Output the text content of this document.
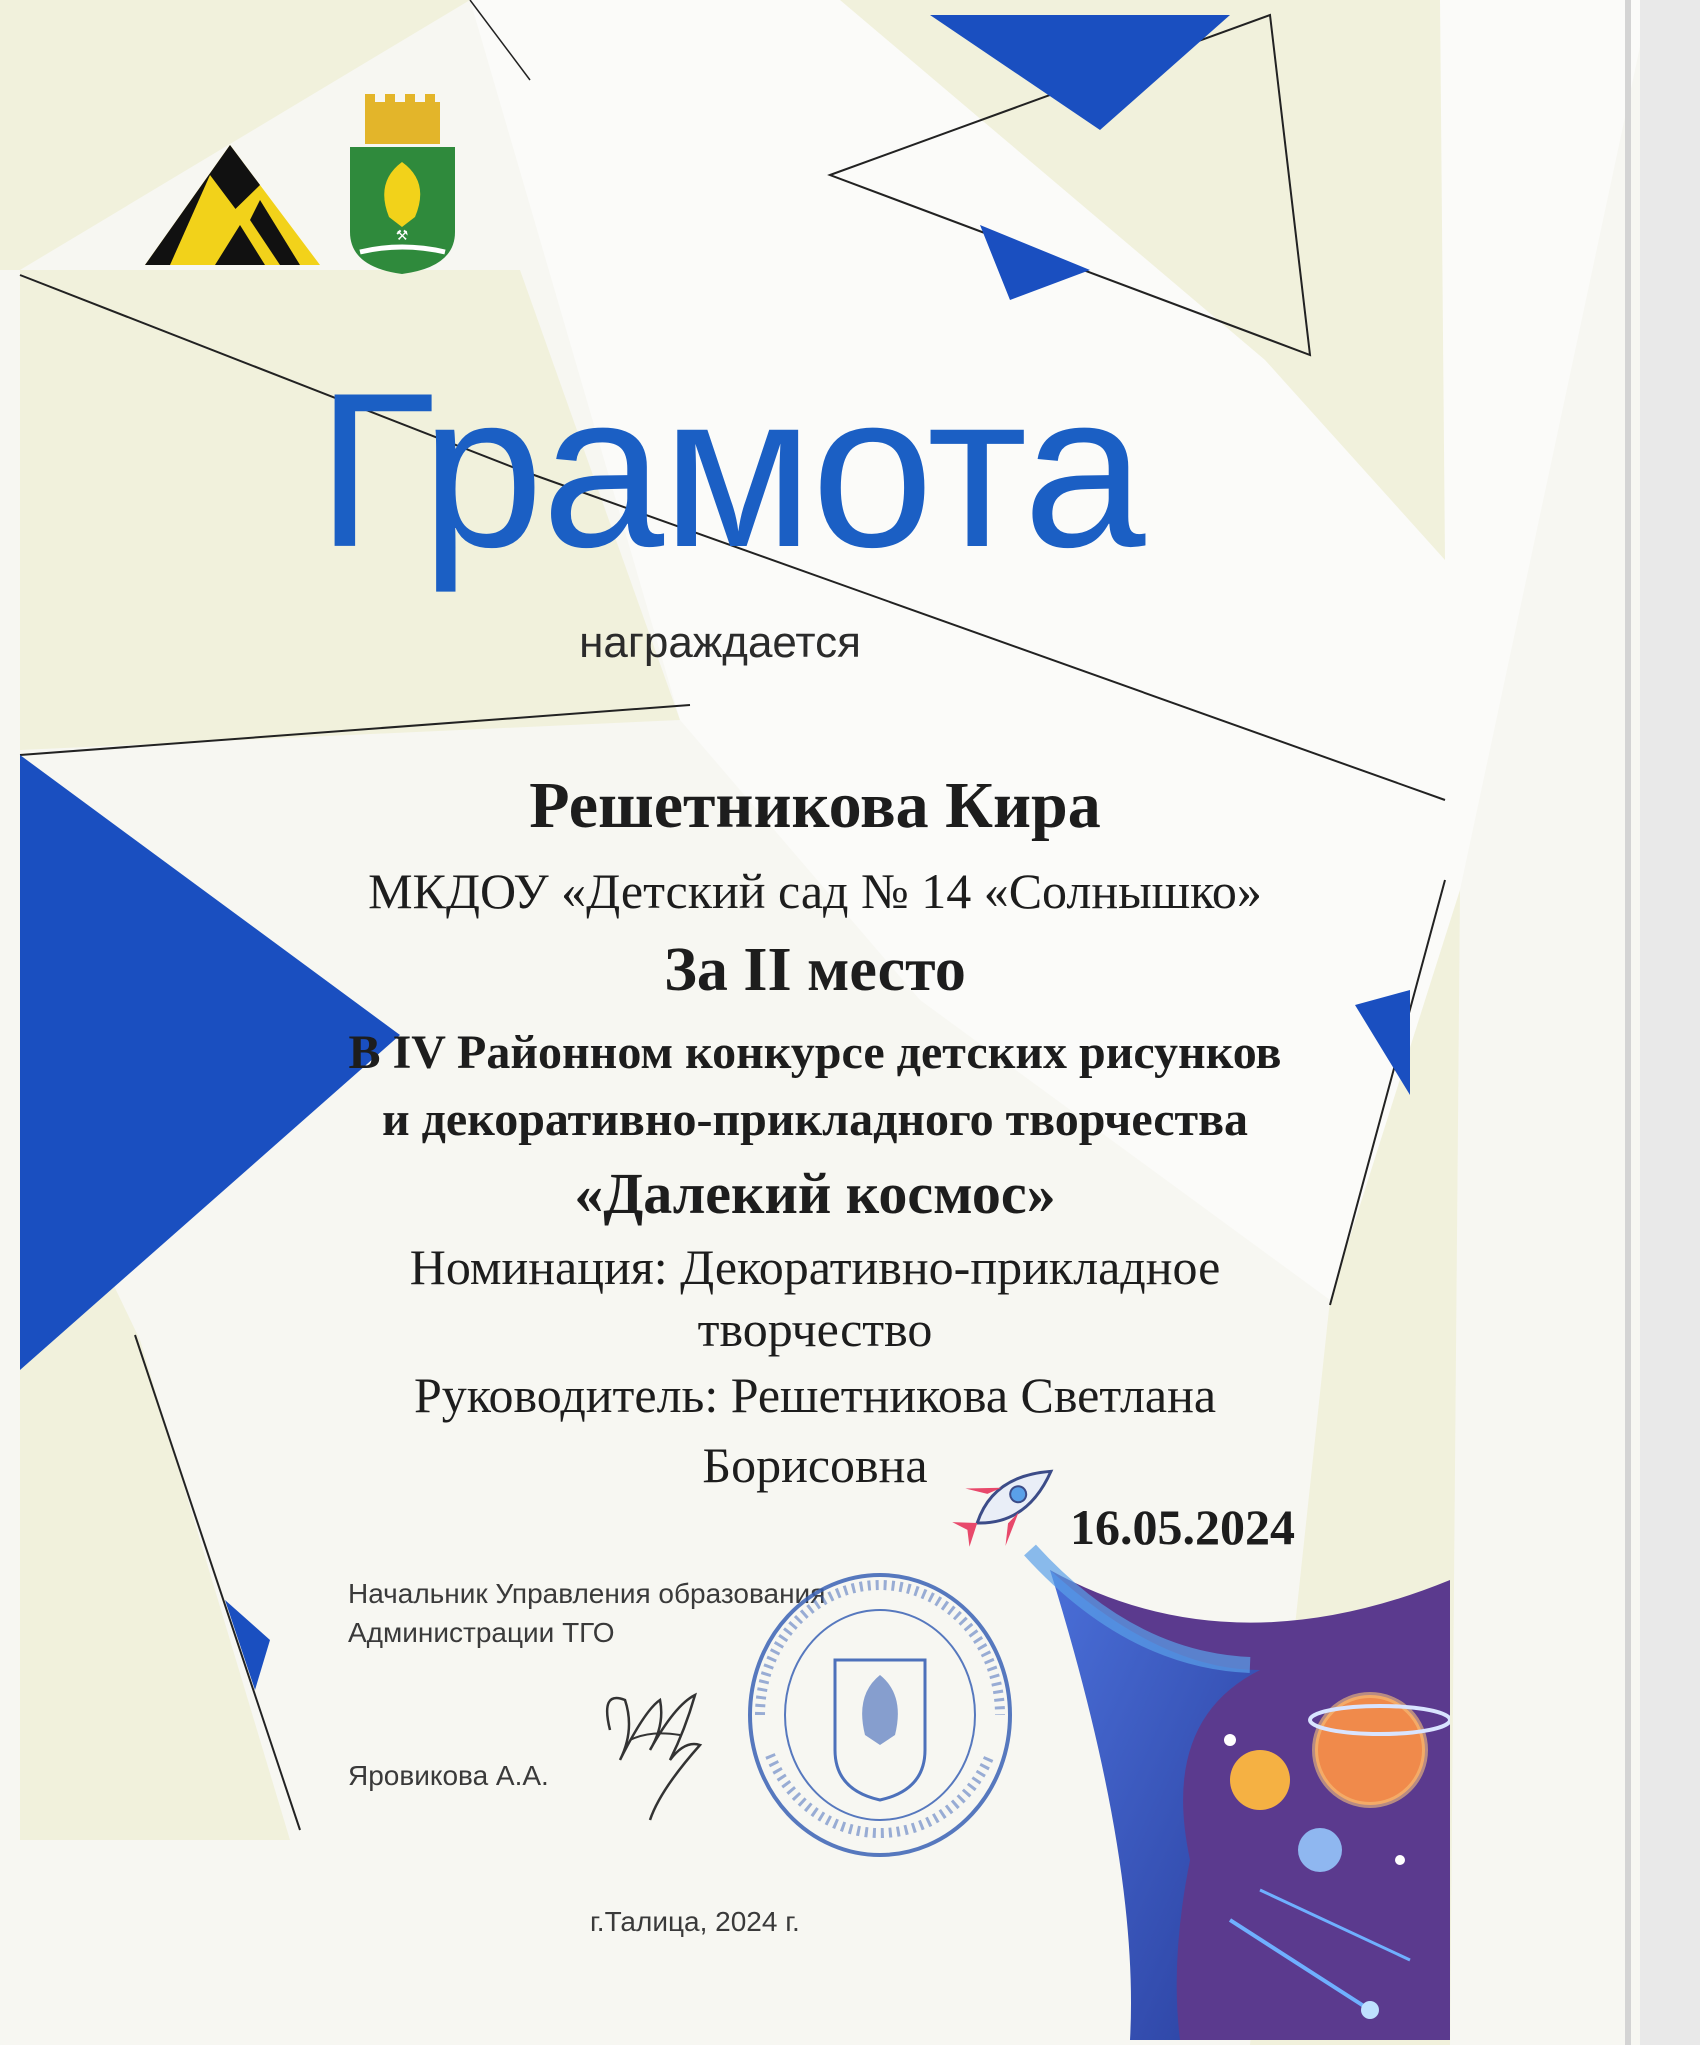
⚒
Грамота
награждается
Решетникова Кира
МКДОУ «Детский сад № 14 «Солнышко»
За II место
В IV Районном конкурсе детских рисунков
и декоративно-прикладного творчества
«Далекий космос»
Номинация: Декоративно-прикладное
творчество
Руководитель: Решетникова Светлана
Борисовна
16.05.2024
Начальник Управления образования
Администрации ТГО
Яровикова А.А.
г.Талица, 2024 г.
